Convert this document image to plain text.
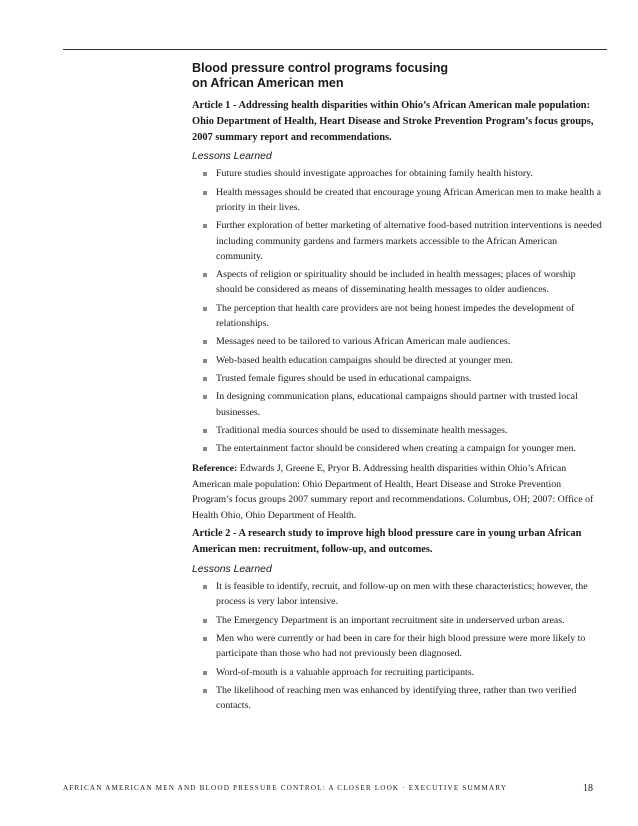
Blood pressure control programs focusing
on African American men
Article 1 - Addressing health disparities within Ohio’s African American male population: Ohio Department of Health, Heart Disease and Stroke Prevention Program’s focus groups, 2007 summary report and recommendations.
Lessons Learned
Future studies should investigate approaches for obtaining family health history.
Health messages should be created that encourage young African American men to make health a priority in their lives.
Further exploration of better marketing of alternative food-based nutrition interventions is needed including community gardens and farmers markets accessible to the African American community.
Aspects of religion or spirituality should be included in health messages; places of worship should be considered as means of disseminating health messages to older audiences.
The perception that health care providers are not being honest impedes the development of relationships.
Messages need to be tailored to various African American male audiences.
Web-based health education campaigns should be directed at younger men.
Trusted female figures should be used in educational campaigns.
In designing communication plans, educational campaigns should partner with trusted local businesses.
Traditional media sources should be used to disseminate health messages.
The entertainment factor should be considered when creating a campaign for younger men.
Reference: Edwards J, Greene E, Pryor B. Addressing health disparities within Ohio’s African American male population: Ohio Department of Health, Heart Disease and Stroke Prevention Program’s focus groups 2007 summary report and recommendations. Columbus, OH; 2007: Office of Health Ohio, Ohio Department of Health.
Article 2 - A research study to improve high blood pressure care in young urban African American men: recruitment, follow-up, and outcomes.
Lessons Learned
It is feasible to identify, recruit, and follow-up on men with these characteristics; however, the process is very labor intensive.
The Emergency Department is an important recruitment site in underserved urban areas.
Men who were currently or had been in care for their high blood pressure were more likely to participate than those who had not previously been diagnosed.
Word-of-mouth is a valuable approach for recruiting participants.
The likelihood of reaching men was enhanced by identifying three, rather than two verified contacts.
AFRICAN AMERICAN MEN AND BLOOD PRESSURE CONTROL: A CLOSER LOOK · EXECUTIVE SUMMARY	18
